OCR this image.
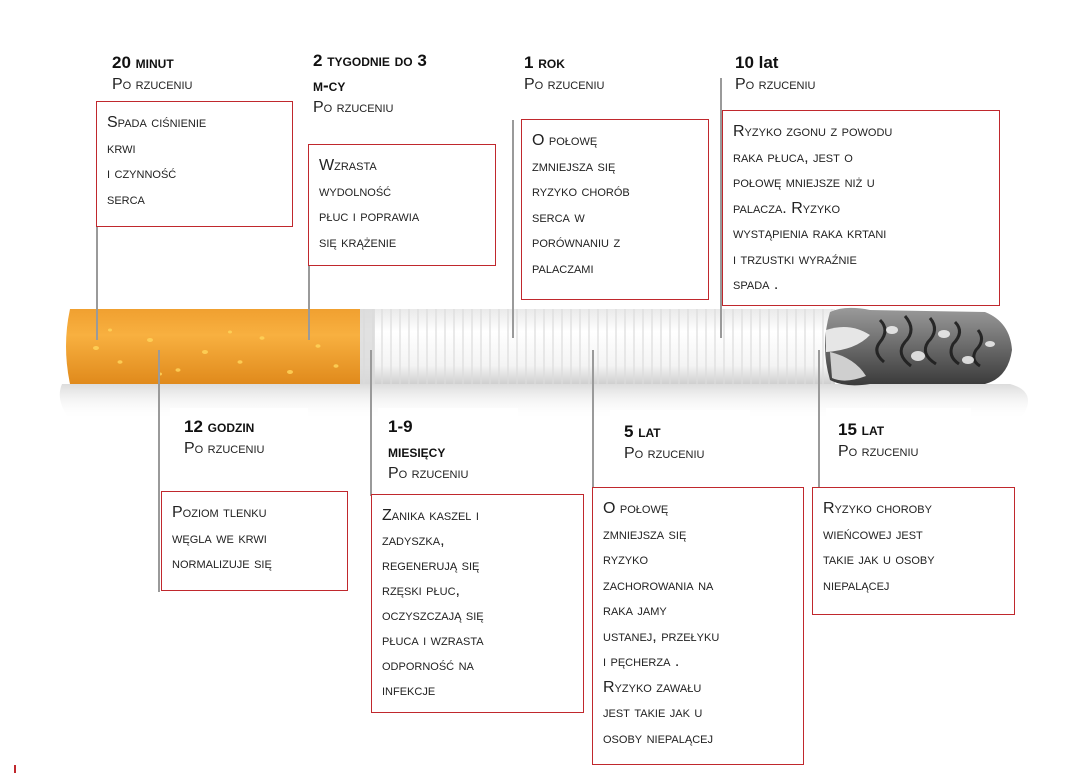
20 minut
Po rzuceniu
Spada ciśnienie
krwi
i czynność
serca
2 tygodnie do 3
m-cy
Po rzuceniu
Wzrasta
wydolność
płuc i poprawia
się krążenie
1 rok
Po rzuceniu
O połowę
zmniejsza się
ryzyko chorób
serca w
porównaniu z
palaczami
10 lat
Po rzuceniu
Ryzyko zgonu z powodu
raka płuca, jest o
połowę mniejsze niż u
palacza. Ryzyko
wystąpienia raka krtani
i trzustki wyraźnie
spada .
12 godzin
Po rzuceniu
Poziom tlenku
węgla we krwi
normalizuje się
1-9
miesięcy
Po rzuceniu
Zanika kaszel i
zadyszka,
regenerują się
rzęski płuc,
oczyszczają się
płuca i wzrasta
odporność na
infekcje
5 lat
Po rzuceniu
O połowę
zmniejsza się
ryzyko
zachorowania na
raka jamy
ustanej, przełyku
i pęcherza .
Ryzyko zawału
jest takie jak u
osoby niepalącej
15 lat
Po rzuceniu
Ryzyko choroby
wieńcowej jest
takie jak u osoby
niepalącej
